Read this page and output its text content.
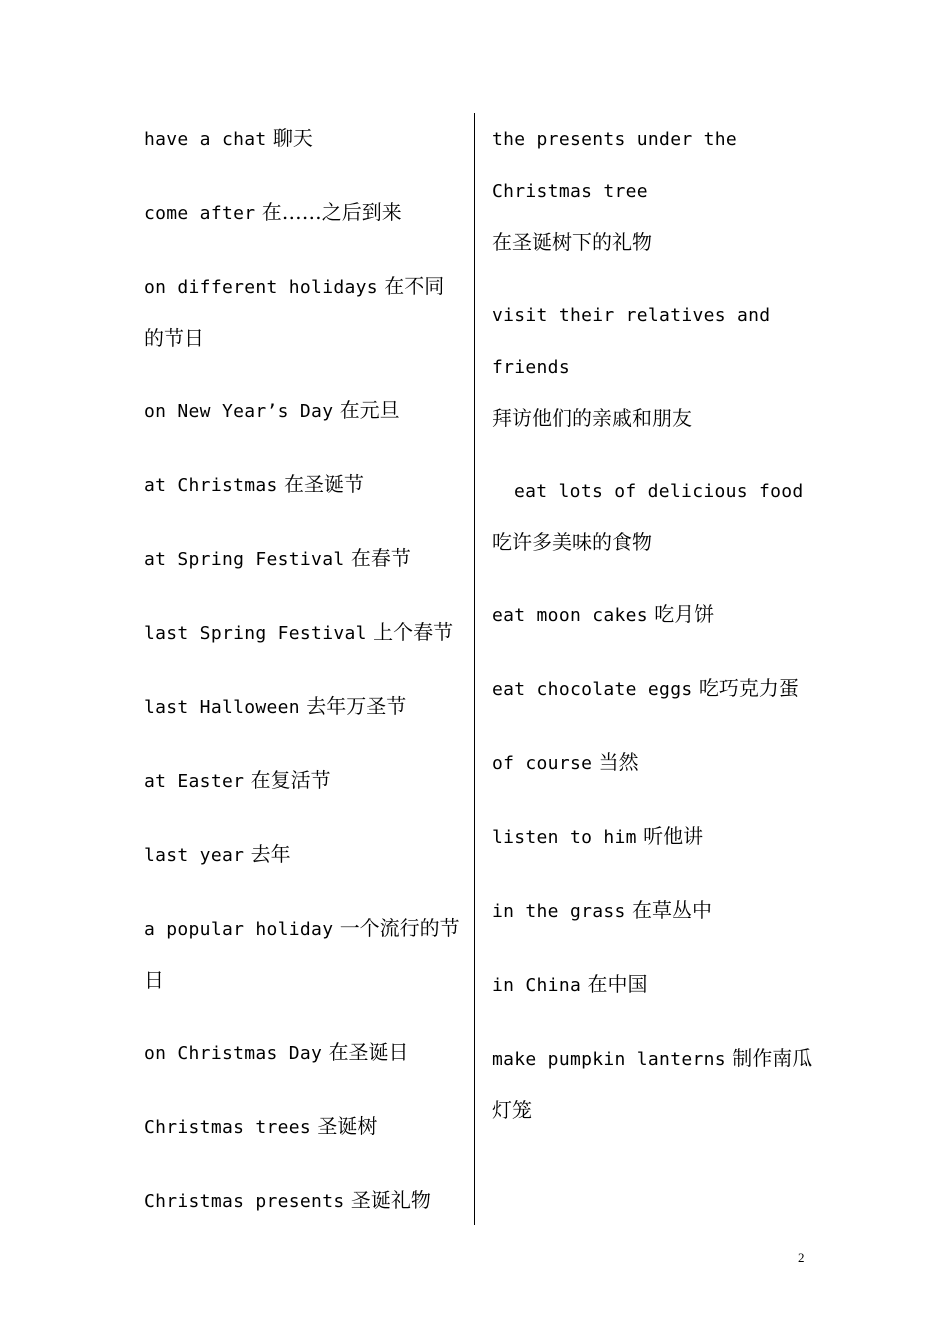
have a chat 聊天

come after 在……之后到来

on different holidays 在不同的节日

on New Year’s Day 在元旦

at Christmas 在圣诞节

at Spring Festival 在春节

last Spring Festival 上个春节

last Halloween 去年万圣节

at Easter 在复活节

last year 去年

a popular holiday 一个流行的节日

on Christmas Day 在圣诞日

Christmas trees 圣诞树

Christmas presents 圣诞礼物

the presents under the Christmas tree
在圣诞树下的礼物

visit their relatives and friends
拜访他们的亲戚和朋友

eat lots of delicious food
吃许多美味的食物

eat moon cakes 吃月饼

eat chocolate eggs 吃巧克力蛋

of course 当然

listen to him 听他讲

in the grass 在草丛中

in China 在中国

make pumpkin lanterns 制作南瓜灯笼

2
